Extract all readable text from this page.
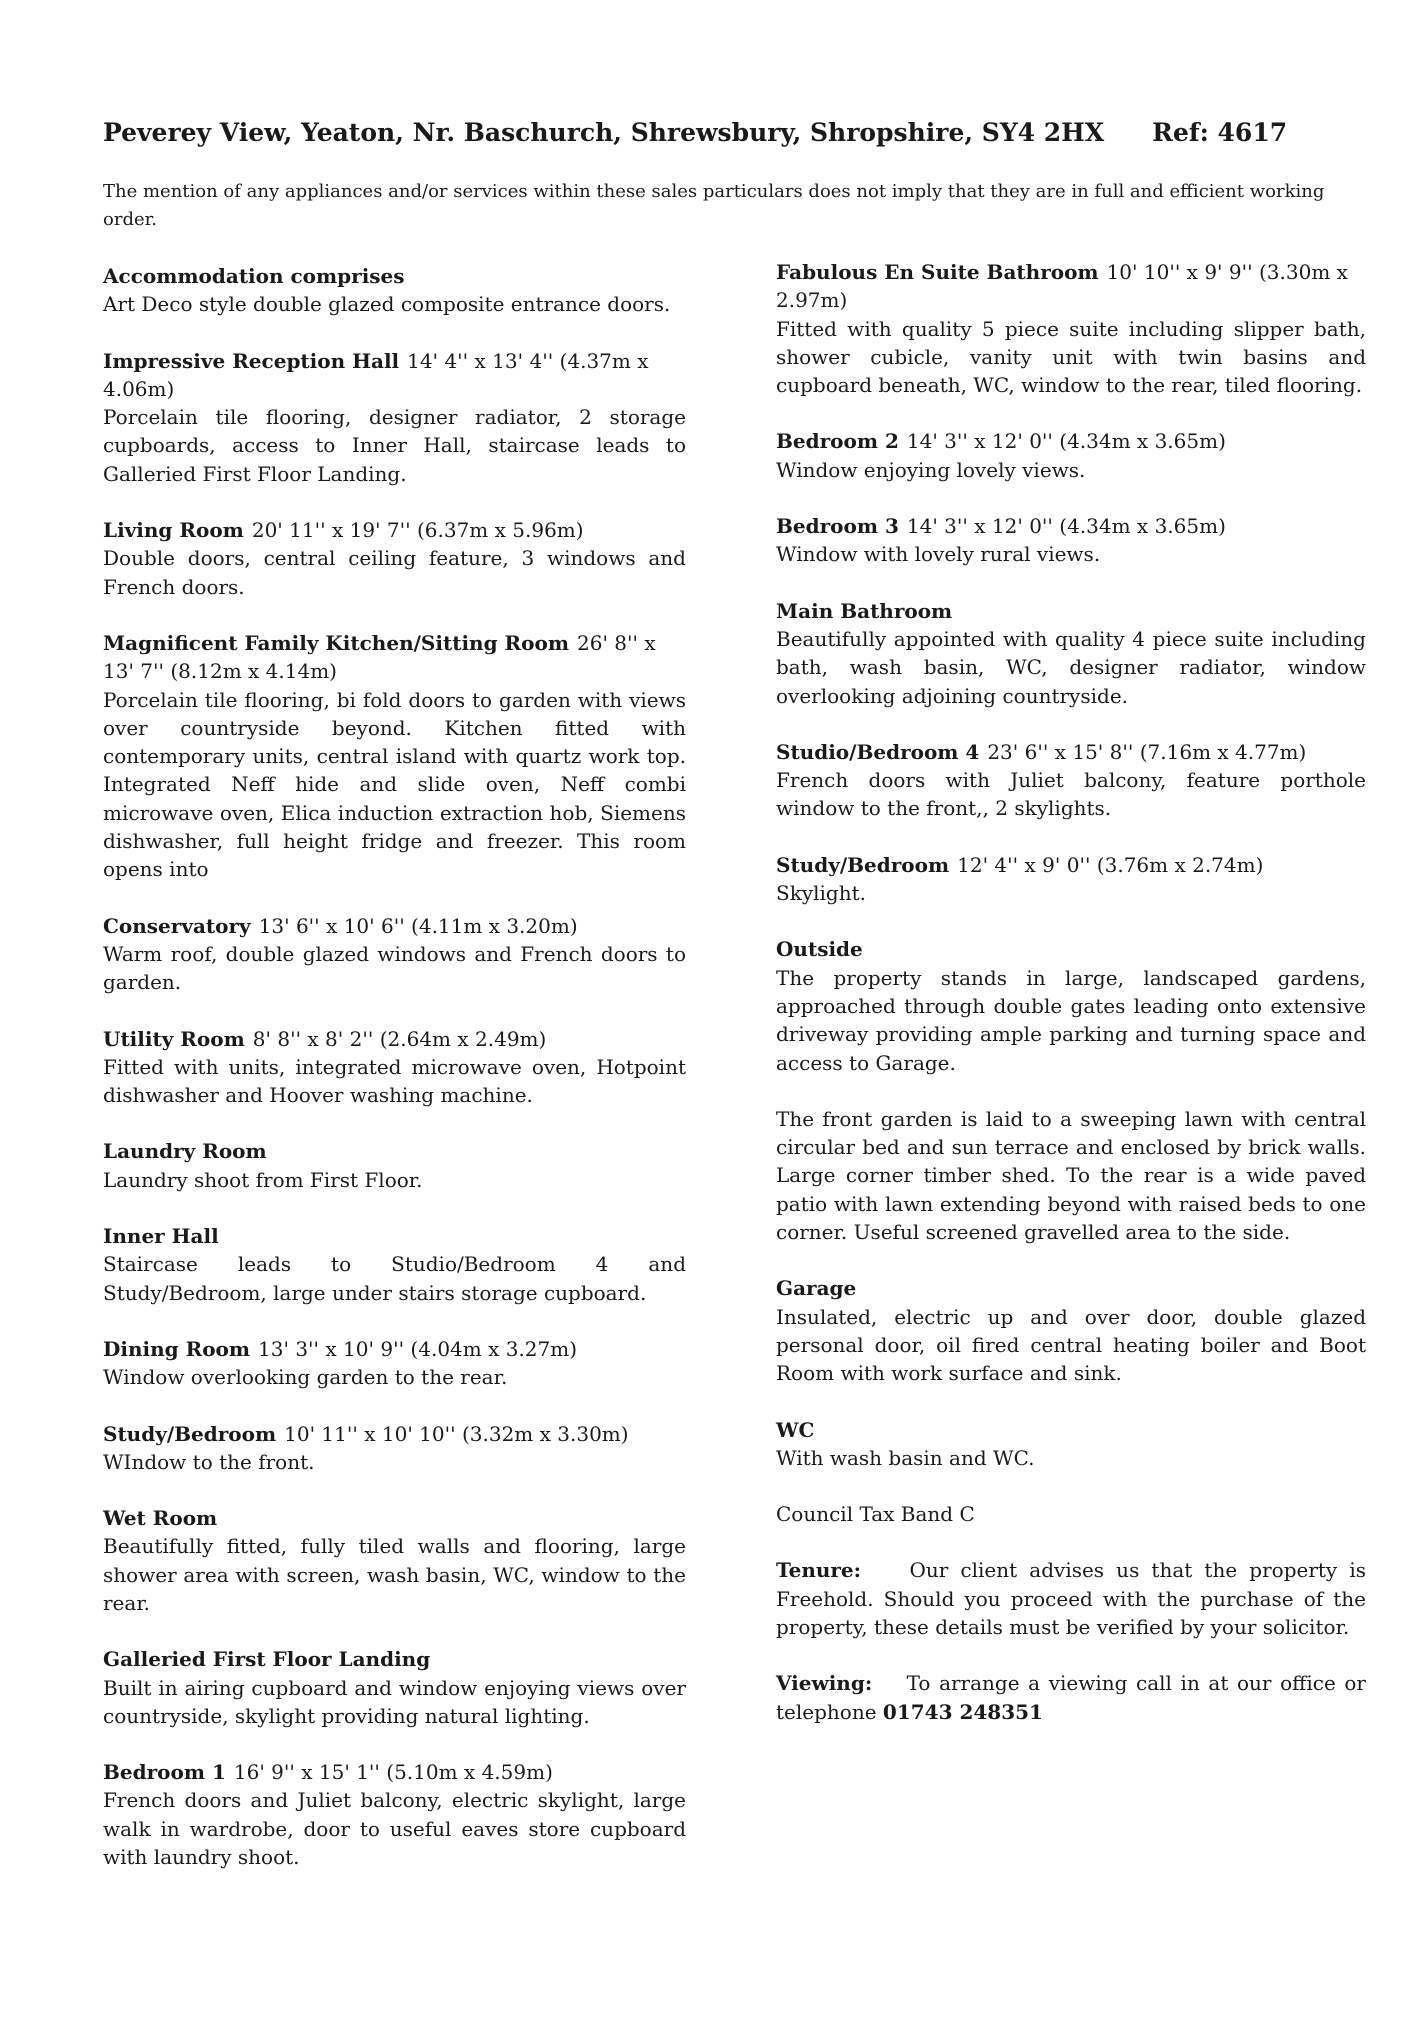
Peverey View, Yeaton, Nr. Baschurch, Shrewsbury, Shropshire, SY4 2HX Ref: 4617
The mention of any appliances and/or services within these sales particulars does not imply that they are in full and efficient working order.
Accommodation comprises
Art Deco style double glazed composite entrance doors.
Impressive Reception Hall 14' 4'' x 13' 4'' (4.37m x 4.06m)
Porcelain tile flooring, designer radiator, 2 storage cupboards, access to Inner Hall, staircase leads to Galleried First Floor Landing.
Living Room 20' 11'' x 19' 7'' (6.37m x 5.96m)
Double doors, central ceiling feature, 3 windows and French doors.
Magnificent Family Kitchen/Sitting Room 26' 8'' x 13' 7'' (8.12m x 4.14m)
Porcelain tile flooring, bi fold doors to garden with views over countryside beyond. Kitchen fitted with contemporary units, central island with quartz work top. Integrated Neff hide and slide oven, Neff combi microwave oven, Elica induction extraction hob, Siemens dishwasher, full height fridge and freezer. This room opens into
Conservatory 13' 6'' x 10' 6'' (4.11m x 3.20m)
Warm roof, double glazed windows and French doors to garden.
Utility Room 8' 8'' x 8' 2'' (2.64m x 2.49m)
Fitted with units, integrated microwave oven, Hotpoint dishwasher and Hoover washing machine.
Laundry Room
Laundry shoot from First Floor.
Inner Hall
Staircase leads to Studio/Bedroom 4 and Study/Bedroom, large under stairs storage cupboard.
Dining Room 13' 3'' x 10' 9'' (4.04m x 3.27m)
Window overlooking garden to the rear.
Study/Bedroom 10' 11'' x 10' 10'' (3.32m x 3.30m)
WIndow to the front.
Wet Room
Beautifully fitted, fully tiled walls and flooring, large shower area with screen, wash basin, WC, window to the rear.
Galleried First Floor Landing
Built in airing cupboard and window enjoying views over countryside, skylight providing natural lighting.
Bedroom 1 16' 9'' x 15' 1'' (5.10m x 4.59m)
French doors and Juliet balcony, electric skylight, large walk in wardrobe, door to useful eaves store cupboard with laundry shoot.
Fabulous En Suite Bathroom 10' 10'' x 9' 9'' (3.30m x 2.97m)
Fitted with quality 5 piece suite including slipper bath, shower cubicle, vanity unit with twin basins and cupboard beneath, WC, window to the rear, tiled flooring.
Bedroom 2 14' 3'' x 12' 0'' (4.34m x 3.65m)
Window enjoying lovely views.
Bedroom 3 14' 3'' x 12' 0'' (4.34m x 3.65m)
Window with lovely rural views.
Main Bathroom
Beautifully appointed with quality 4 piece suite including bath, wash basin, WC, designer radiator, window overlooking adjoining countryside.
Studio/Bedroom 4 23' 6'' x 15' 8'' (7.16m x 4.77m)
French doors with Juliet balcony, feature porthole window to the front,, 2 skylights.
Study/Bedroom 12' 4'' x 9' 0'' (3.76m x 2.74m)
Skylight.
Outside
The property stands in large, landscaped gardens, approached through double gates leading onto extensive driveway providing ample parking and turning space and access to Garage.
The front garden is laid to a sweeping lawn with central circular bed and sun terrace and enclosed by brick walls. Large corner timber shed. To the rear is a wide paved patio with lawn extending beyond with raised beds to one corner. Useful screened gravelled area to the side.
Garage
Insulated, electric up and over door, double glazed personal door, oil fired central heating boiler and Boot Room with work surface and sink.
WC
With wash basin and WC.
Council Tax Band C
Tenure: Our client advises us that the property is Freehold. Should you proceed with the purchase of the property, these details must be verified by your solicitor.
Viewing: To arrange a viewing call in at our office or telephone 01743 248351
